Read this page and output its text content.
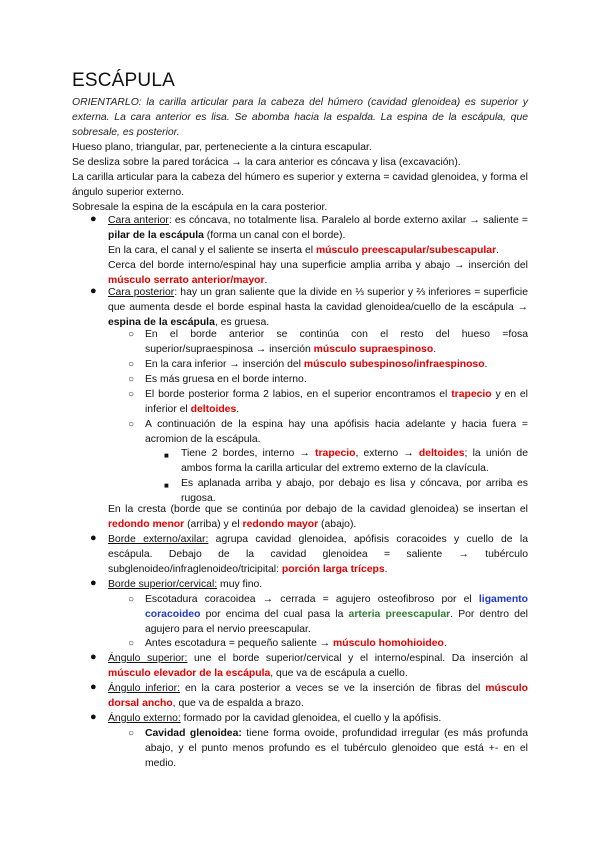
ESCÁPULA
ORIENTARLO: la carilla articular para la cabeza del húmero (cavidad glenoidea) es superior y externa. La cara anterior es lisa. Se abomba hacia la espalda. La espina de la escápula, que sobresale, es posterior.
Hueso plano, triangular, par, perteneciente a la cintura escapular.
Se desliza sobre la pared torácica → la cara anterior es cóncava y lisa (excavación).
La carilla articular para la cabeza del húmero es superior y externa = cavidad glenoidea, y forma el ángulo superior externo.
Sobresale la espina de la escápula en la cara posterior.
● Cara anterior: es cóncava, no totalmente lisa. Paralelo al borde externo axilar → saliente = pilar de la escápula (forma un canal con el borde).
En la cara, el canal y el saliente se inserta el músculo preescapular/subescapular.
Cerca del borde interno/espinal hay una superficie amplia arriba y abajo → inserción del músculo serrato anterior/mayor.
● Cara posterior: hay un gran saliente que la divide en ⅓ superior y ⅔ inferiores = superficie que aumenta desde el borde espinal hasta la cavidad glenoidea/cuello de la escápula → espina de la escápula, es gruesa.
○ En el borde anterior se continúa con el resto del hueso =fosa superior/supraespinosa → inserción músculo supraespinoso.
○ En la cara inferior → inserción del músculo subespinoso/infraespinoso.
○ Es más gruesa en el borde interno.
○ El borde posterior forma 2 labios, en el superior encontramos el trapecio y en el inferior el deltoides.
○ A continuación de la espina hay una apófisis hacia adelante y hacia fuera = acromion de la escápula.
■ Tiene 2 bordes, interno → trapecio, externo → deltoides; la unión de ambos forma la carilla articular del extremo externo de la clavícula.
■ Es aplanada arriba y abajo, por debajo es lisa y cóncava, por arriba es rugosa.
En la cresta (borde que se continúa por debajo de la cavidad glenoidea) se insertan el redondo menor (arriba) y el redondo mayor (abajo).
● Borde externo/axilar: agrupa cavidad glenoidea, apófisis coracoides y cuello de la escápula. Debajo de la cavidad glenoidea = saliente → tubérculo subglenoideo/infraglenoideo/tricipital: porción larga tríceps.
● Borde superior/cervical: muy fino.
○ Escotadura coracoidea → cerrada = agujero osteofibroso por el ligamento coracoideo por encima del cual pasa la arteria preescapular. Por dentro del agujero para el nervio preescapular.
○ Antes escotadura = pequeño saliente → músculo homohioideo.
● Ángulo superior: une el borde superior/cervical y el interno/espinal. Da inserción al músculo elevador de la escápula, que va de escápula a cuello.
● Ángulo inferior: en la cara posterior a veces se ve la inserción de fibras del músculo dorsal ancho, que va de espalda a brazo.
● Ángulo externo: formado por la cavidad glenoidea, el cuello y la apófisis.
○ Cavidad glenoidea: tiene forma ovoide, profundidad irregular (es más profunda abajo, y el punto menos profundo es el tubérculo glenoideo que está +- en el medio.
